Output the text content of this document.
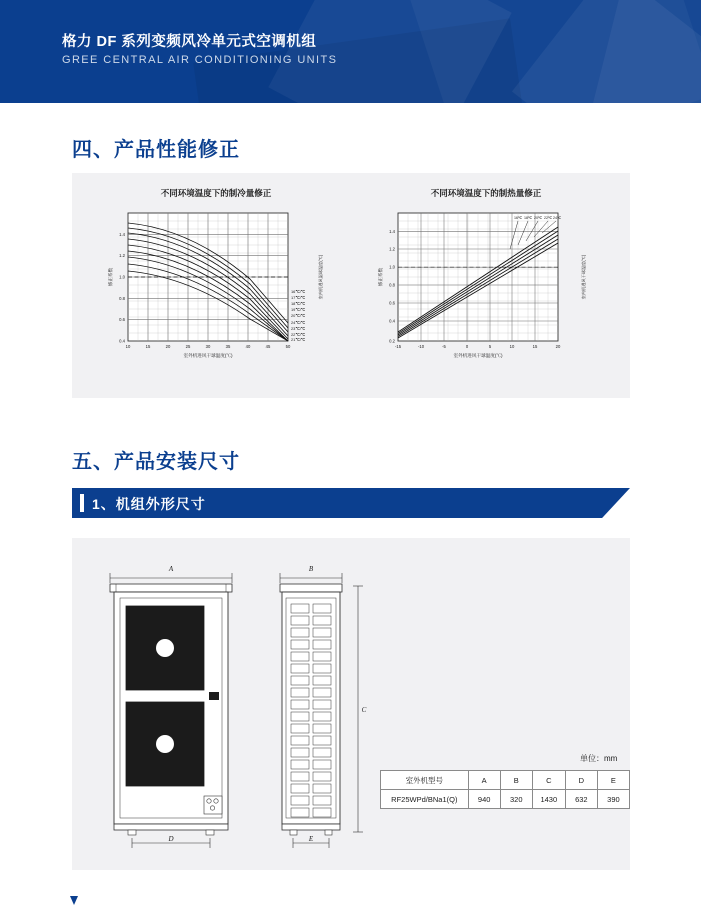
格力 DF 系列变频风冷单元式空调机组
GREE CENTRAL AIR CONDITIONING UNITS
四、产品性能修正
不同环境温度下的制冷量修正
0.4
0.6
0.8
1.0
1.2
1.4
10	15	20	25	30	35	40	45	50
24℃/℃
23℃/℃
22℃/℃
21℃/℃
20℃/℃
19℃/℃
18℃/℃
17℃/℃
16℃/℃
室外机进风干球温度(℃)
修正系数	室内机进风湿球温度(℃)
不同环境温度下的制热量修正
16℃ 18℃ 20℃ 22℃ 24℃
0.2
0.4
0.6
0.8
1.0
1.2
1.4
-15	-10	-5	0	5	10	15	20
室外机进风干球温度(℃)
修正系数	室内机进风干球温度(℃)
五、产品安装尺寸
1、机组外形尺寸
A
D
B
C
E
单位：mm
室外机型号	A	B	C	D	E
RF25WPd/BNa1(Q)	940	320	1430	632	390
